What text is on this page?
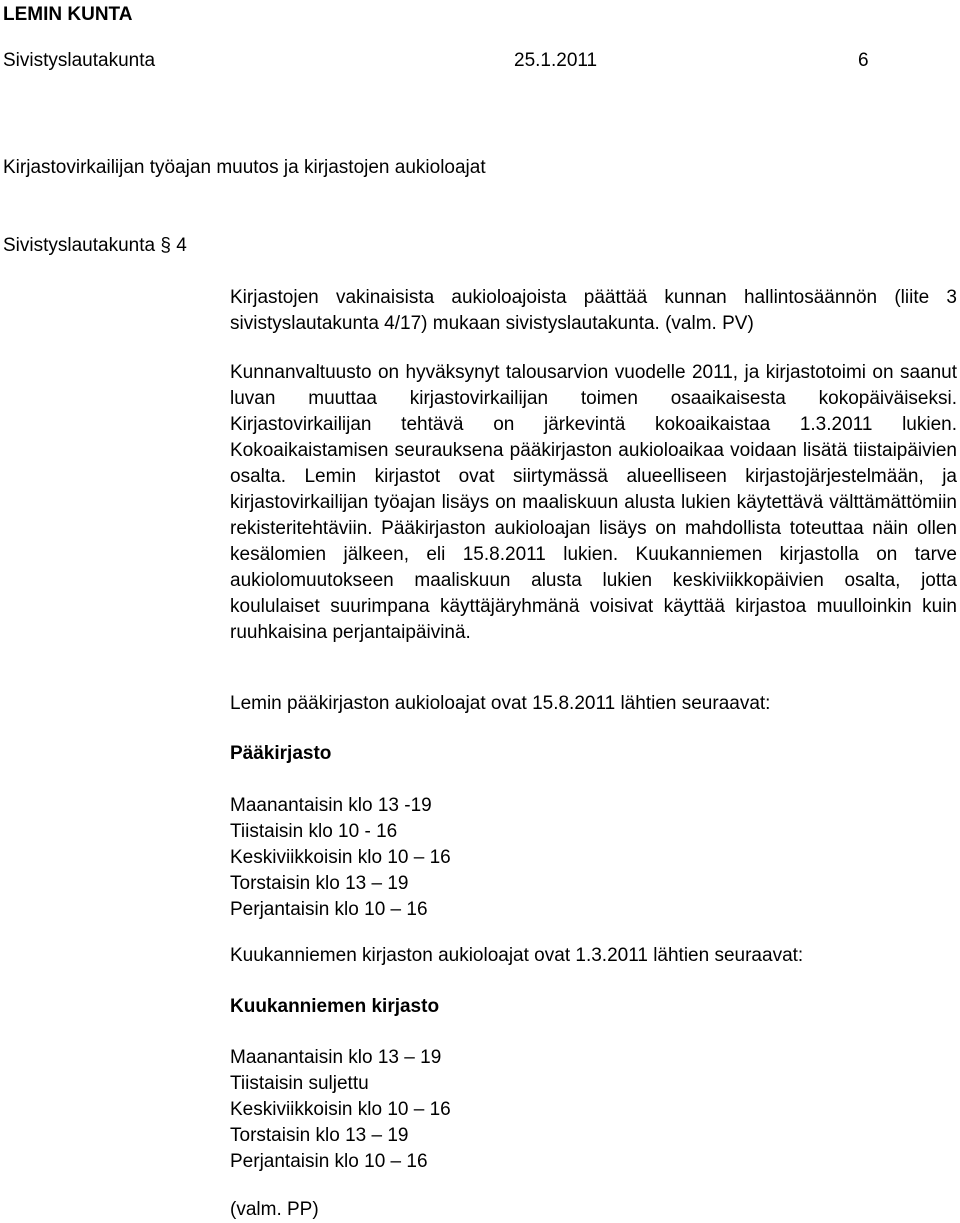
LEMIN KUNTA
Sivistyslautakunta	25.1.2011	6
Kirjastovirkailijan työajan muutos ja kirjastojen aukioloajat
Sivistyslautakunta § 4

Kirjastojen vakinaisista aukioloajoista päättää kunnan hallintosäännön (liite 3 sivistyslautakunta 4/17) mukaan sivistyslautakunta. (valm. PV)

Kunnanvaltuusto on hyväksynyt talousarvion vuodelle 2011, ja kirjastotoimi on saanut luvan muuttaa kirjastovirkailijan toimen osaaikaisesta kokopäiväiseksi. Kirjastovirkailijan tehtävä on järkevintä kokoaikaistaa 1.3.2011 lukien. Kokoaikaistamisen seurauksena pääkirjaston aukioloaikaa voidaan lisätä tiistaipäivien osalta. Lemin kirjastot ovat siirtymässä alueelliseen kirjastojärjestelmään, ja kirjastovirkailijan työajan lisäys on maaliskuun alusta lukien käytettävä välttämättömiin rekisteritehtäviin. Pääkirjaston aukioloajan lisäys on mahdollista toteuttaa näin ollen kesälomien jälkeen, eli 15.8.2011 lukien. Kuukanniemen kirjastolla on tarve aukiolomuutokseen maaliskuun alusta lukien keskiviikkopäivien osalta, jotta koululaiset suurimpana käyttäjäryhmänä voisivat käyttää kirjastoa muulloinkin kuin ruuhkaisina perjantaipäivinä.

Lemin pääkirjaston aukioloajat ovat 15.8.2011 lähtien seuraavat:
Pääkirjasto
Maanantaisin klo 13 -19
Tiistaisin klo 10 - 16
Keskiviikkoisin klo 10 – 16
Torstaisin klo 13 – 19
Perjantaisin klo 10 – 16
Kuukanniemen kirjaston aukioloajat ovat 1.3.2011 lähtien seuraavat:
Kuukanniemen kirjasto
Maanantaisin klo 13 – 19
Tiistaisin suljettu
Keskiviikkoisin klo 10 – 16
Torstaisin klo 13 – 19
Perjantaisin klo 10 – 16
(valm. PP)
